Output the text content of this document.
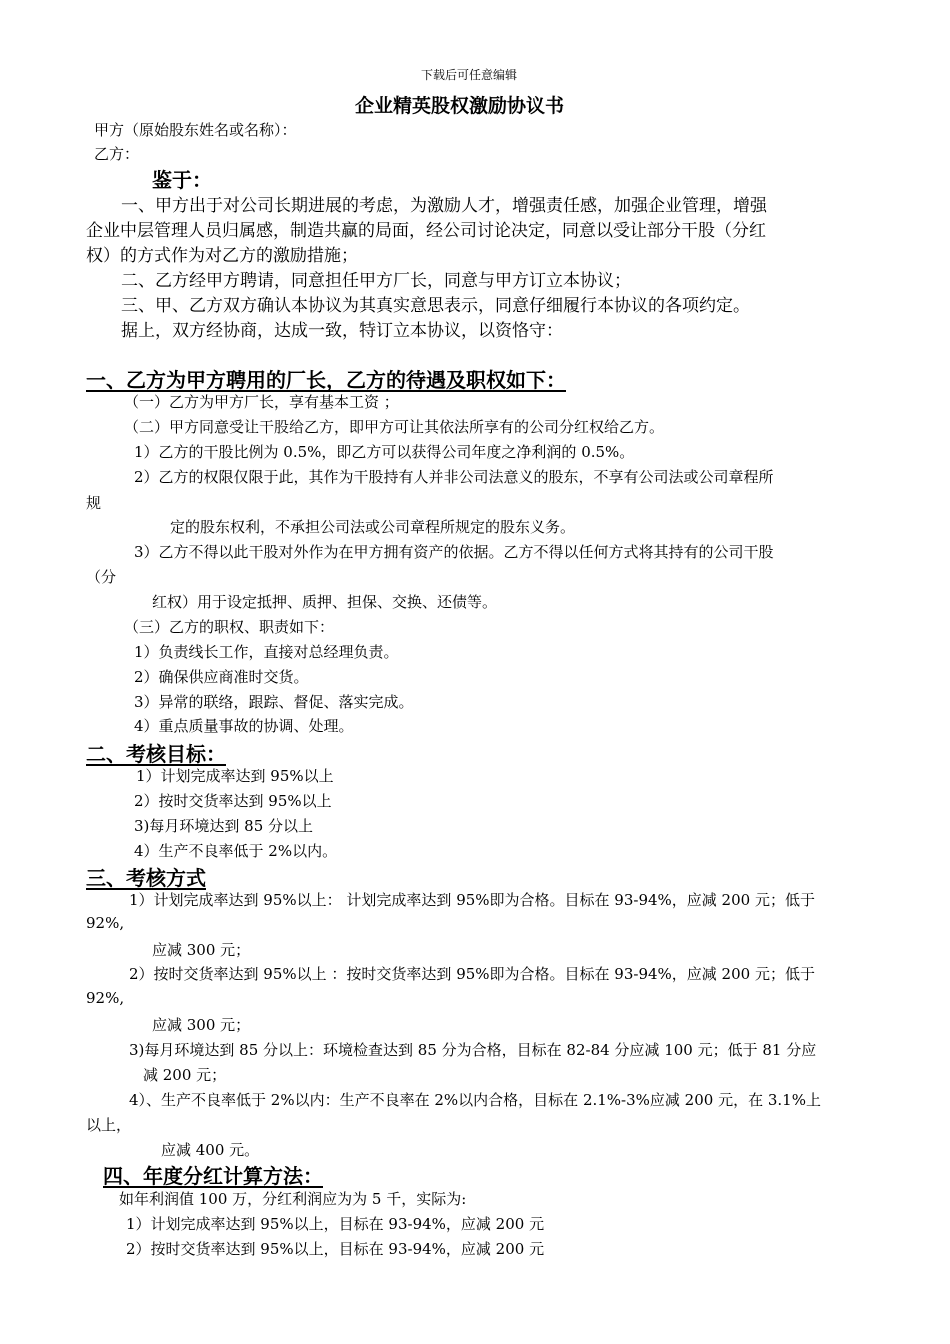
下载后可任意编辑
企业精英股权激励协议书
甲方（原始股东姓名或名称）：
乙方：
鉴于：
一、甲方出于对公司长期进展的考虑，为激励人才，增强责任感，加强企业管理，增强
企业中层管理人员归属感，制造共赢的局面，经公司讨论决定，同意以受让部分干股（分红
权）的方式作为对乙方的激励措施；
二、乙方经甲方聘请，同意担任甲方厂长，同意与甲方订立本协议；
三、甲、乙方双方确认本协议为其真实意思表示，同意仔细履行本协议的各项约定。
据上，双方经协商，达成一致，特订立本协议，以资恪守：
一、乙方为甲方聘用的厂长，乙方的待遇及职权如下：
（一）乙方为甲方厂长，享有基本工资 ；
（二）甲方同意受让干股给乙方，即甲方可让其依法所享有的公司分红权给乙方。
1）乙方的干股比例为 0.5%，即乙方可以获得公司年度之净利润的 0.5%。
2）乙方的权限仅限于此，其作为干股持有人并非公司法意义的股东，不享有公司法或公司章程所
规
定的股东权利，不承担公司法或公司章程所规定的股东义务。
3）乙方不得以此干股对外作为在甲方拥有资产的依据。乙方不得以任何方式将其持有的公司干股
（分
红权）用于设定抵押、质押、担保、交换、还债等。
（三）乙方的职权、职责如下：
1）负责线长工作，直接对总经理负责。
2）确保供应商准时交货。
3）异常的联络，跟踪、督促、落实完成。
4）重点质量事故的协调、处理。
二、考核目标：
1）计划完成率达到 95%以上
2）按时交货率达到 95%以上
3)每月环境达到 85 分以上
4）生产不良率低于 2%以内。
三、考核方式
1）计划完成率达到 95%以上： 计划完成率达到 95%即为合格。目标在 93-94%，应减 200 元；低于
92%,
应减 300 元；
2）按时交货率达到 95%以上 ：按时交货率达到 95%即为合格。目标在 93-94%，应减 200 元；低于
92%,
应减 300 元；
3)每月环境达到 85 分以上：环境检查达到 85 分为合格，目标在 82-84 分应减 100 元；低于 81 分应
减 200 元；
4）、生产不良率低于 2%以内：生产不良率在 2%以内合格，目标在 2.1%-3%应减 200 元，在 3.1%上
以上，
应减 400 元。
四、年度分红计算方法：
如年利润值 100 万，分红利润应为为 5 千，实际为:
1）计划完成率达到 95%以上，目标在 93-94%，应减 200 元
2）按时交货率达到 95%以上，目标在 93-94%，应减 200 元
